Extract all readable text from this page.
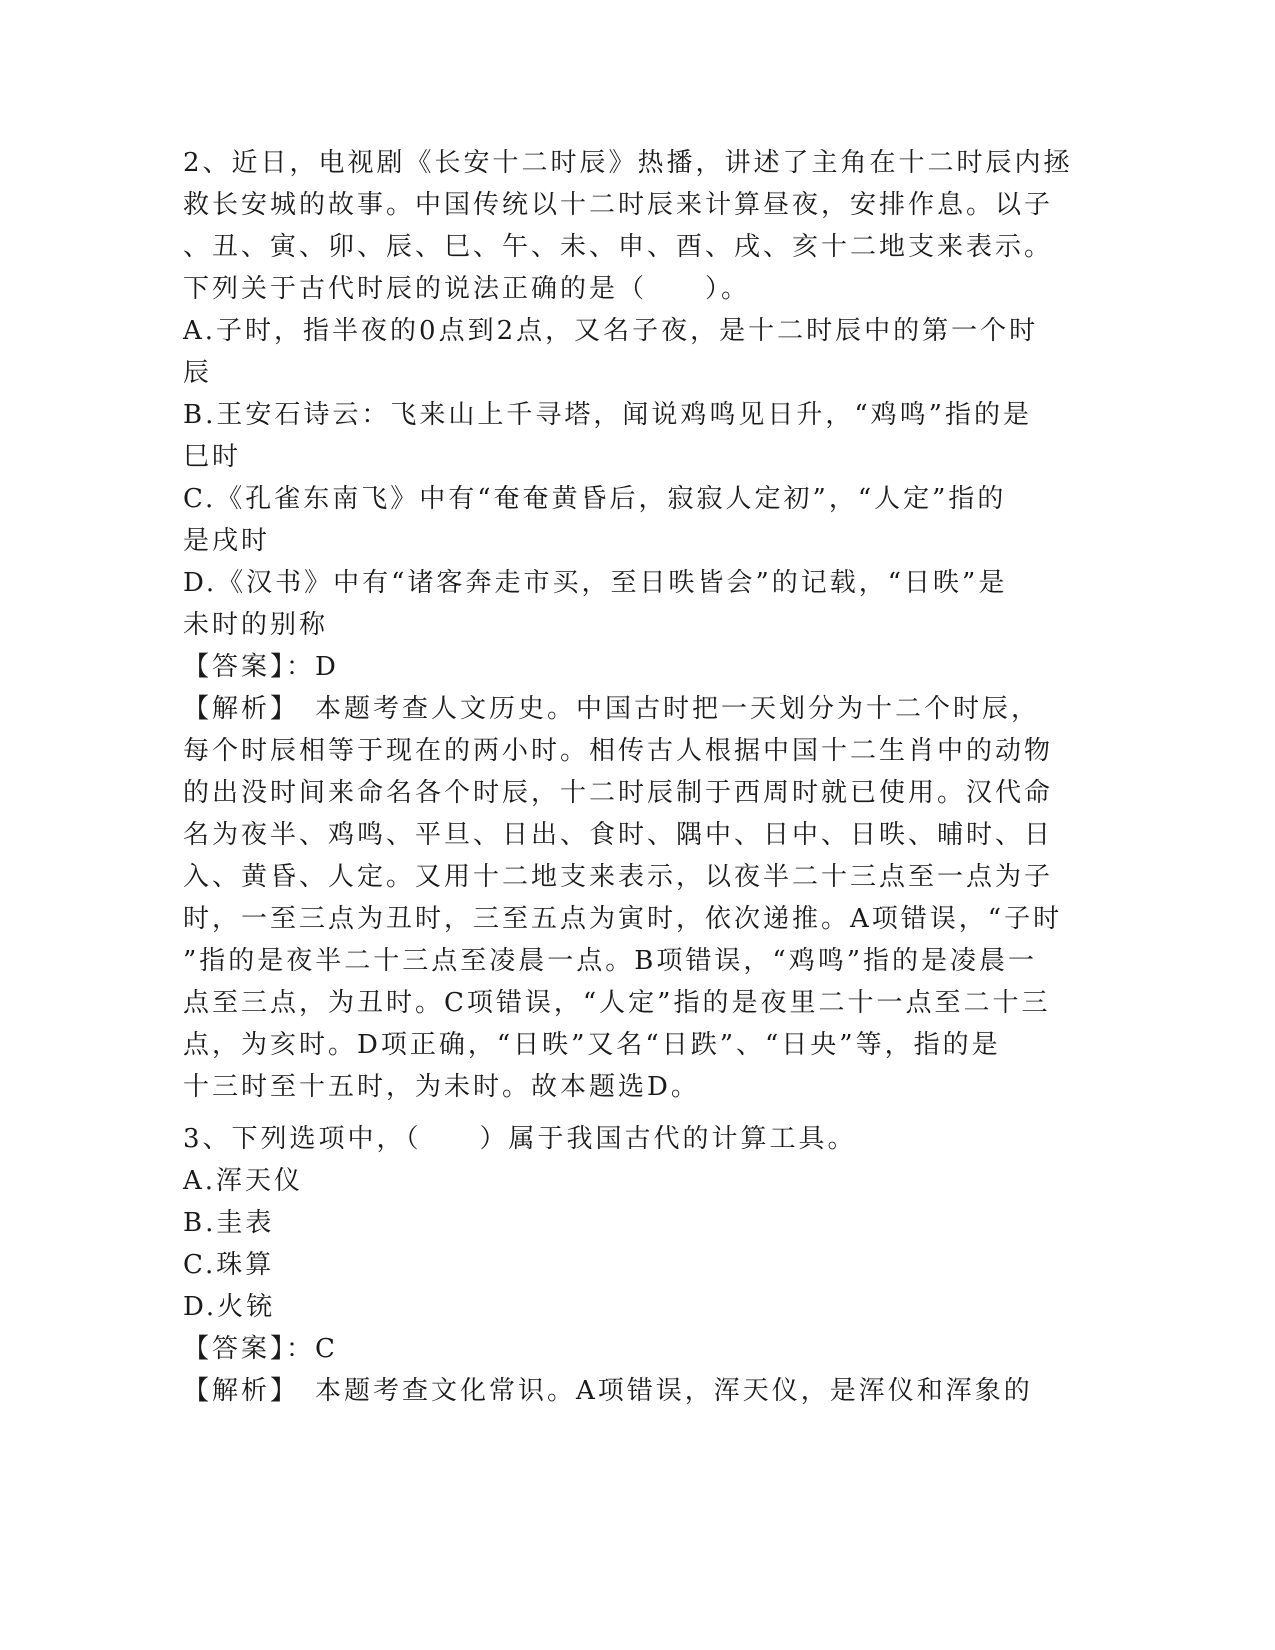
2、近日，电视剧《长安十二时辰》热播，讲述了主角在十二时辰内拯
救长安城的故事。中国传统以十二时辰来计算昼夜，安排作息。以子
、丑、寅、卯、辰、巳、午、未、申、酉、戌、亥十二地支来表示。
下列关于古代时辰的说法正确的是（　　）。
A.子时，指半夜的0点到2点，又名子夜，是十二时辰中的第一个时
辰
B.王安石诗云：飞来山上千寻塔，闻说鸡鸣见日升，“鸡鸣”指的是
巳时
C.《孔雀东南飞》中有“奄奄黄昏后，寂寂人定初”，“人定”指的
是戌时
D.《汉书》中有“诸客奔走市买，至日昳皆会”的记载，“日昳”是
未时的别称
【答案】：D
【解析】　本题考查人文历史。中国古时把一天划分为十二个时辰，
每个时辰相等于现在的两小时。相传古人根据中国十二生肖中的动物
的出没时间来命名各个时辰，十二时辰制于西周时就已使用。汉代命
名为夜半、鸡鸣、平旦、日出、食时、隅中、日中、日昳、晡时、日
入、黄昏、人定。又用十二地支来表示，以夜半二十三点至一点为子
时，一至三点为丑时，三至五点为寅时，依次递推。A项错误，“子时
”指的是夜半二十三点至凌晨一点。B项错误，“鸡鸣”指的是凌晨一
点至三点，为丑时。C项错误，“人定”指的是夜里二十一点至二十三
点，为亥时。D项正确，“日昳”又名“日跌”、“日央”等，指的是
十三时至十五时，为未时。故本题选D。
3、下列选项中，（　　）属于我国古代的计算工具。
A.浑天仪
B.圭表
C.珠算
D.火铳
【答案】：C
【解析】　本题考查文化常识。A项错误，浑天仪，是浑仪和浑象的
